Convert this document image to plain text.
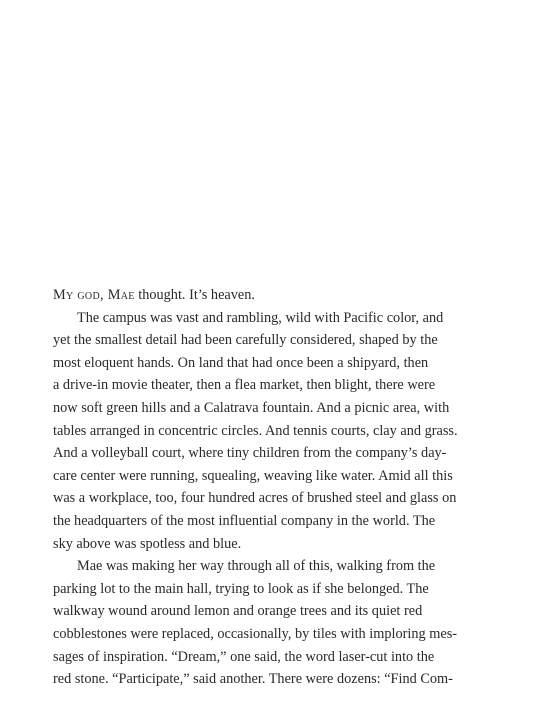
My god, Mae thought. It’s heaven.
The campus was vast and rambling, wild with Pacific color, and
yet the smallest detail had been carefully considered, shaped by the
most eloquent hands. On land that had once been a shipyard, then
a drive-in movie theater, then a flea market, then blight, there were
now soft green hills and a Calatrava fountain. And a picnic area, with
tables arranged in concentric circles. And tennis courts, clay and grass.
And a volleyball court, where tiny children from the company’s day-
care center were running, squealing, weaving like water. Amid all this
was a workplace, too, four hundred acres of brushed steel and glass on
the headquarters of the most influential company in the world. The
sky above was spotless and blue.
Mae was making her way through all of this, walking from the
parking lot to the main hall, trying to look as if she belonged. The
walkway wound around lemon and orange trees and its quiet red
cobblestones were replaced, occasionally, by tiles with imploring mes-
sages of inspiration. “Dream,” one said, the word laser-cut into the
red stone. “Participate,” said another. There were dozens: “Find Com-
